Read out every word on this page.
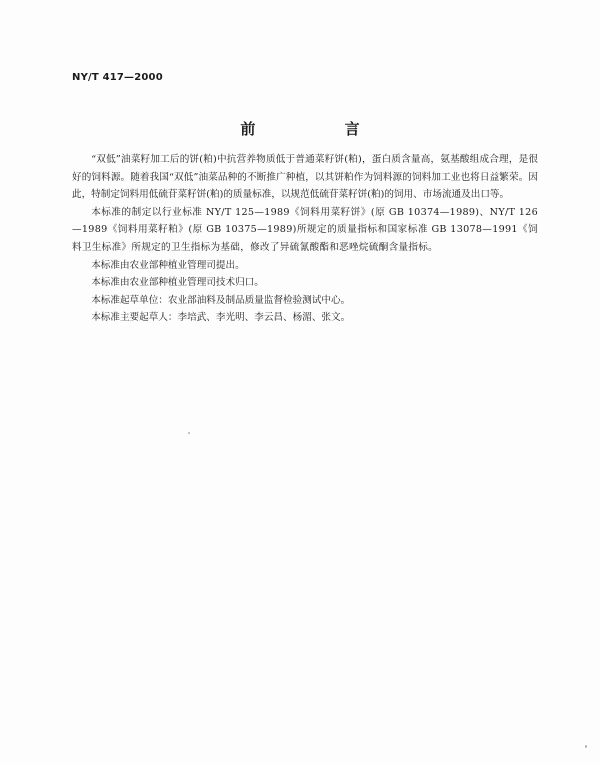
NY/T 417—2000
前 言

“双低”油菜籽加工后的饼(粕)中抗营养物质低于普通菜籽饼(粕)，蛋白质含量高，氨基酸组成合理，是很好的饲料源。随着我国“双低”油菜品种的不断推广种植，以其饼粕作为饲料源的饲料加工业也将日益繁荣。因此，特制定饲料用低硫苷菜籽饼(粕)的质量标准，以规范低硫苷菜籽饼(粕)的饲用、市场流通及出口等。

本标准的制定以行业标准 NY/T 125—1989《饲料用菜籽饼》(原 GB 10374—1989)、NY/T 126—1989《饲料用菜籽粕》(原 GB 10375—1989)所规定的质量指标和国家标准 GB 13078—1991《饲料卫生标准》所规定的卫生指标为基础，修改了异硫氰酸酯和恶唑烷硫酮含量指标。

本标准由农业部种植业管理司提出。

本标准由农业部种植业管理司技术归口。

本标准起草单位：农业部油料及制品质量监督检验测试中心。

本标准主要起草人：李培武、李光明、李云昌、杨湄、张文。
